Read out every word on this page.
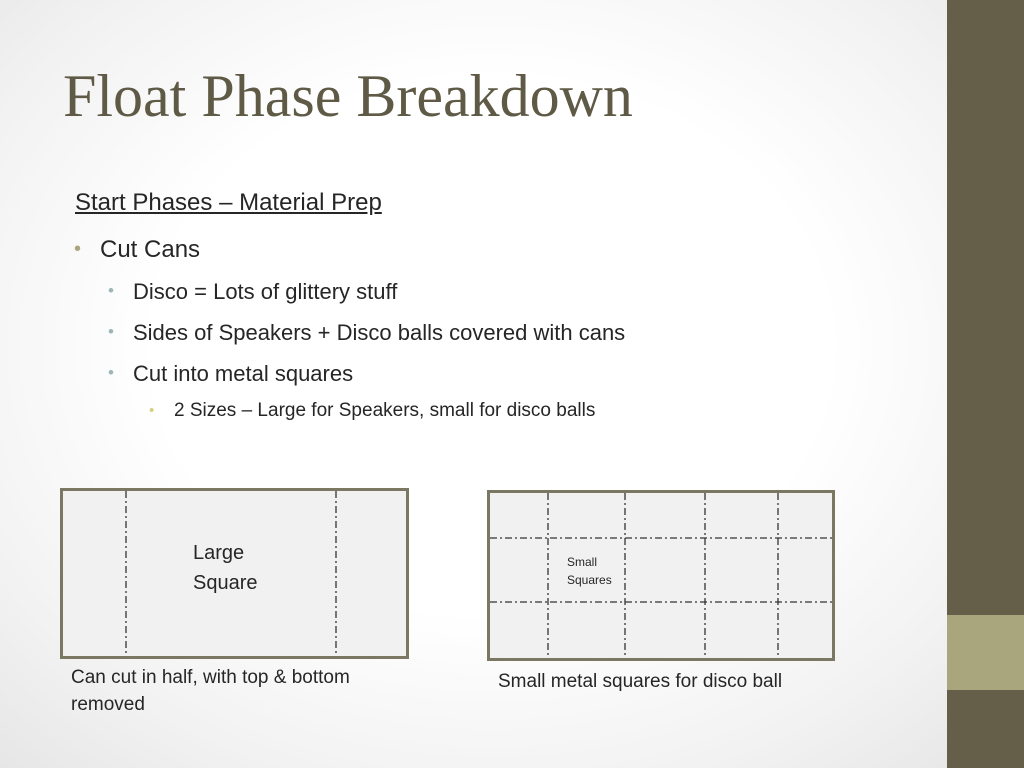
Float Phase Breakdown
Start Phases – Material Prep
• Cut Cans
• Disco = Lots of glittery stuff
• Sides of Speakers + Disco balls covered with cans
• Cut into metal squares
• 2 Sizes – Large for Speakers, small for disco balls
Large
Square
Can cut in half, with top & bottom
removed
Small
Squares
Small metal squares for disco ball
